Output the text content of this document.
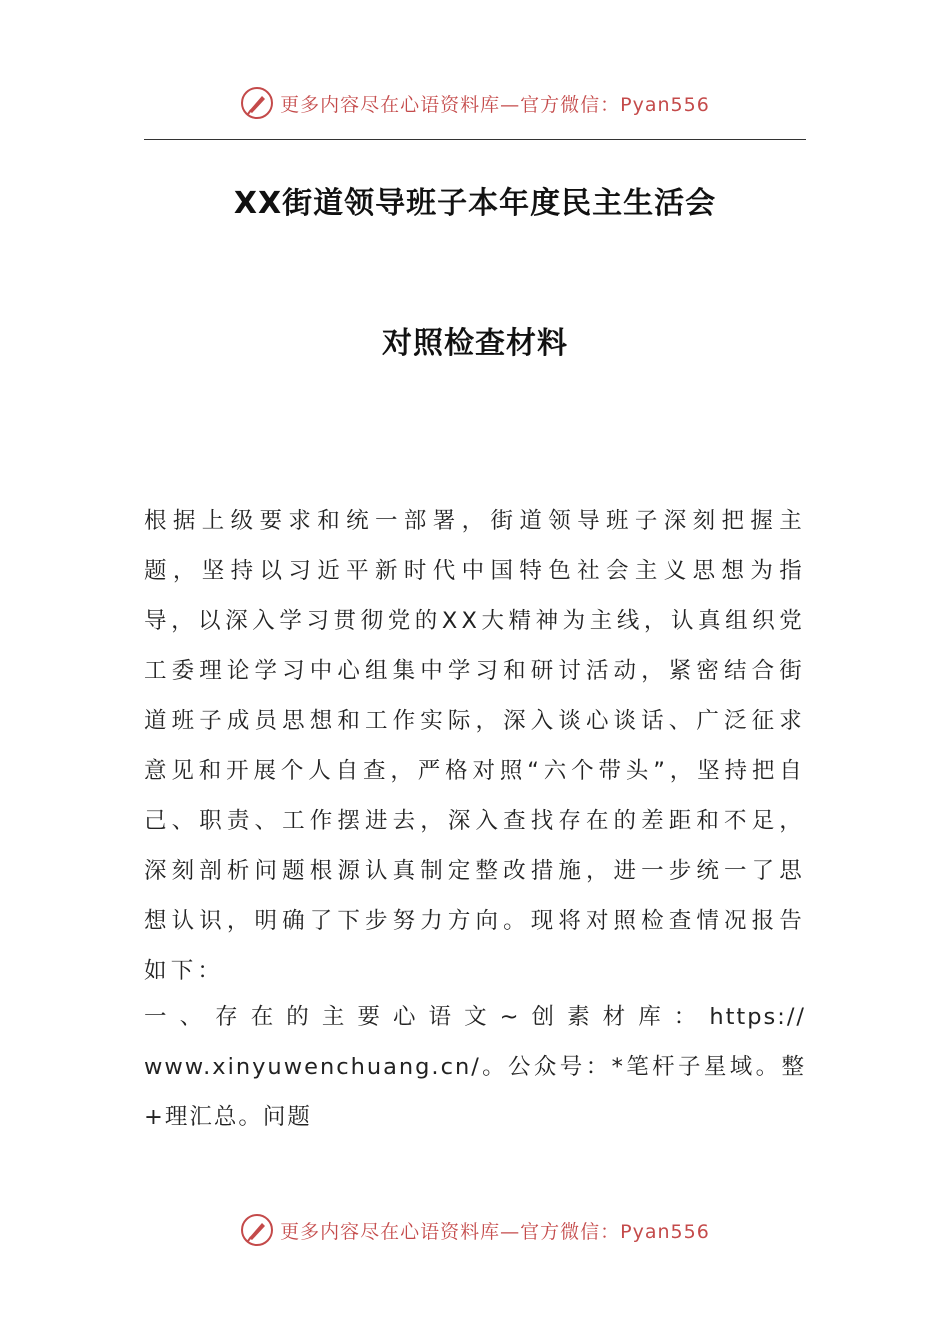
更多内容尽在心语资料库—官方微信：Pyan556
XX街道领导班子本年度民主生活会
对照检查材料
根据上级要求和统一部署，街道领导班子深刻把握主题，坚持以习近平新时代中国特色社会主义思想为指导，以深入学习贯彻党的XX大精神为主线，认真组织党工委理论学习中心组集中学习和研讨活动，紧密结合街道班子成员思想和工作实际，深入谈心谈话、广泛征求意见和开展个人自查，严格对照“六个带头”，坚持把自己、职责、工作摆进去，深入查找存在的差距和不足，深刻剖析问题根源认真制定整改措施，进一步统一了思想认识，明确了下步努力方向。现将对照检查情况报告如下：
一 、 存 在 的 主 要 心 语 文 ~ 创 素 材 库 ： https://
www.xinyuwenchuang.cn/。公众号：*笔杆子星域。整+理汇总。问题
更多内容尽在心语资料库—官方微信：Pyan556
